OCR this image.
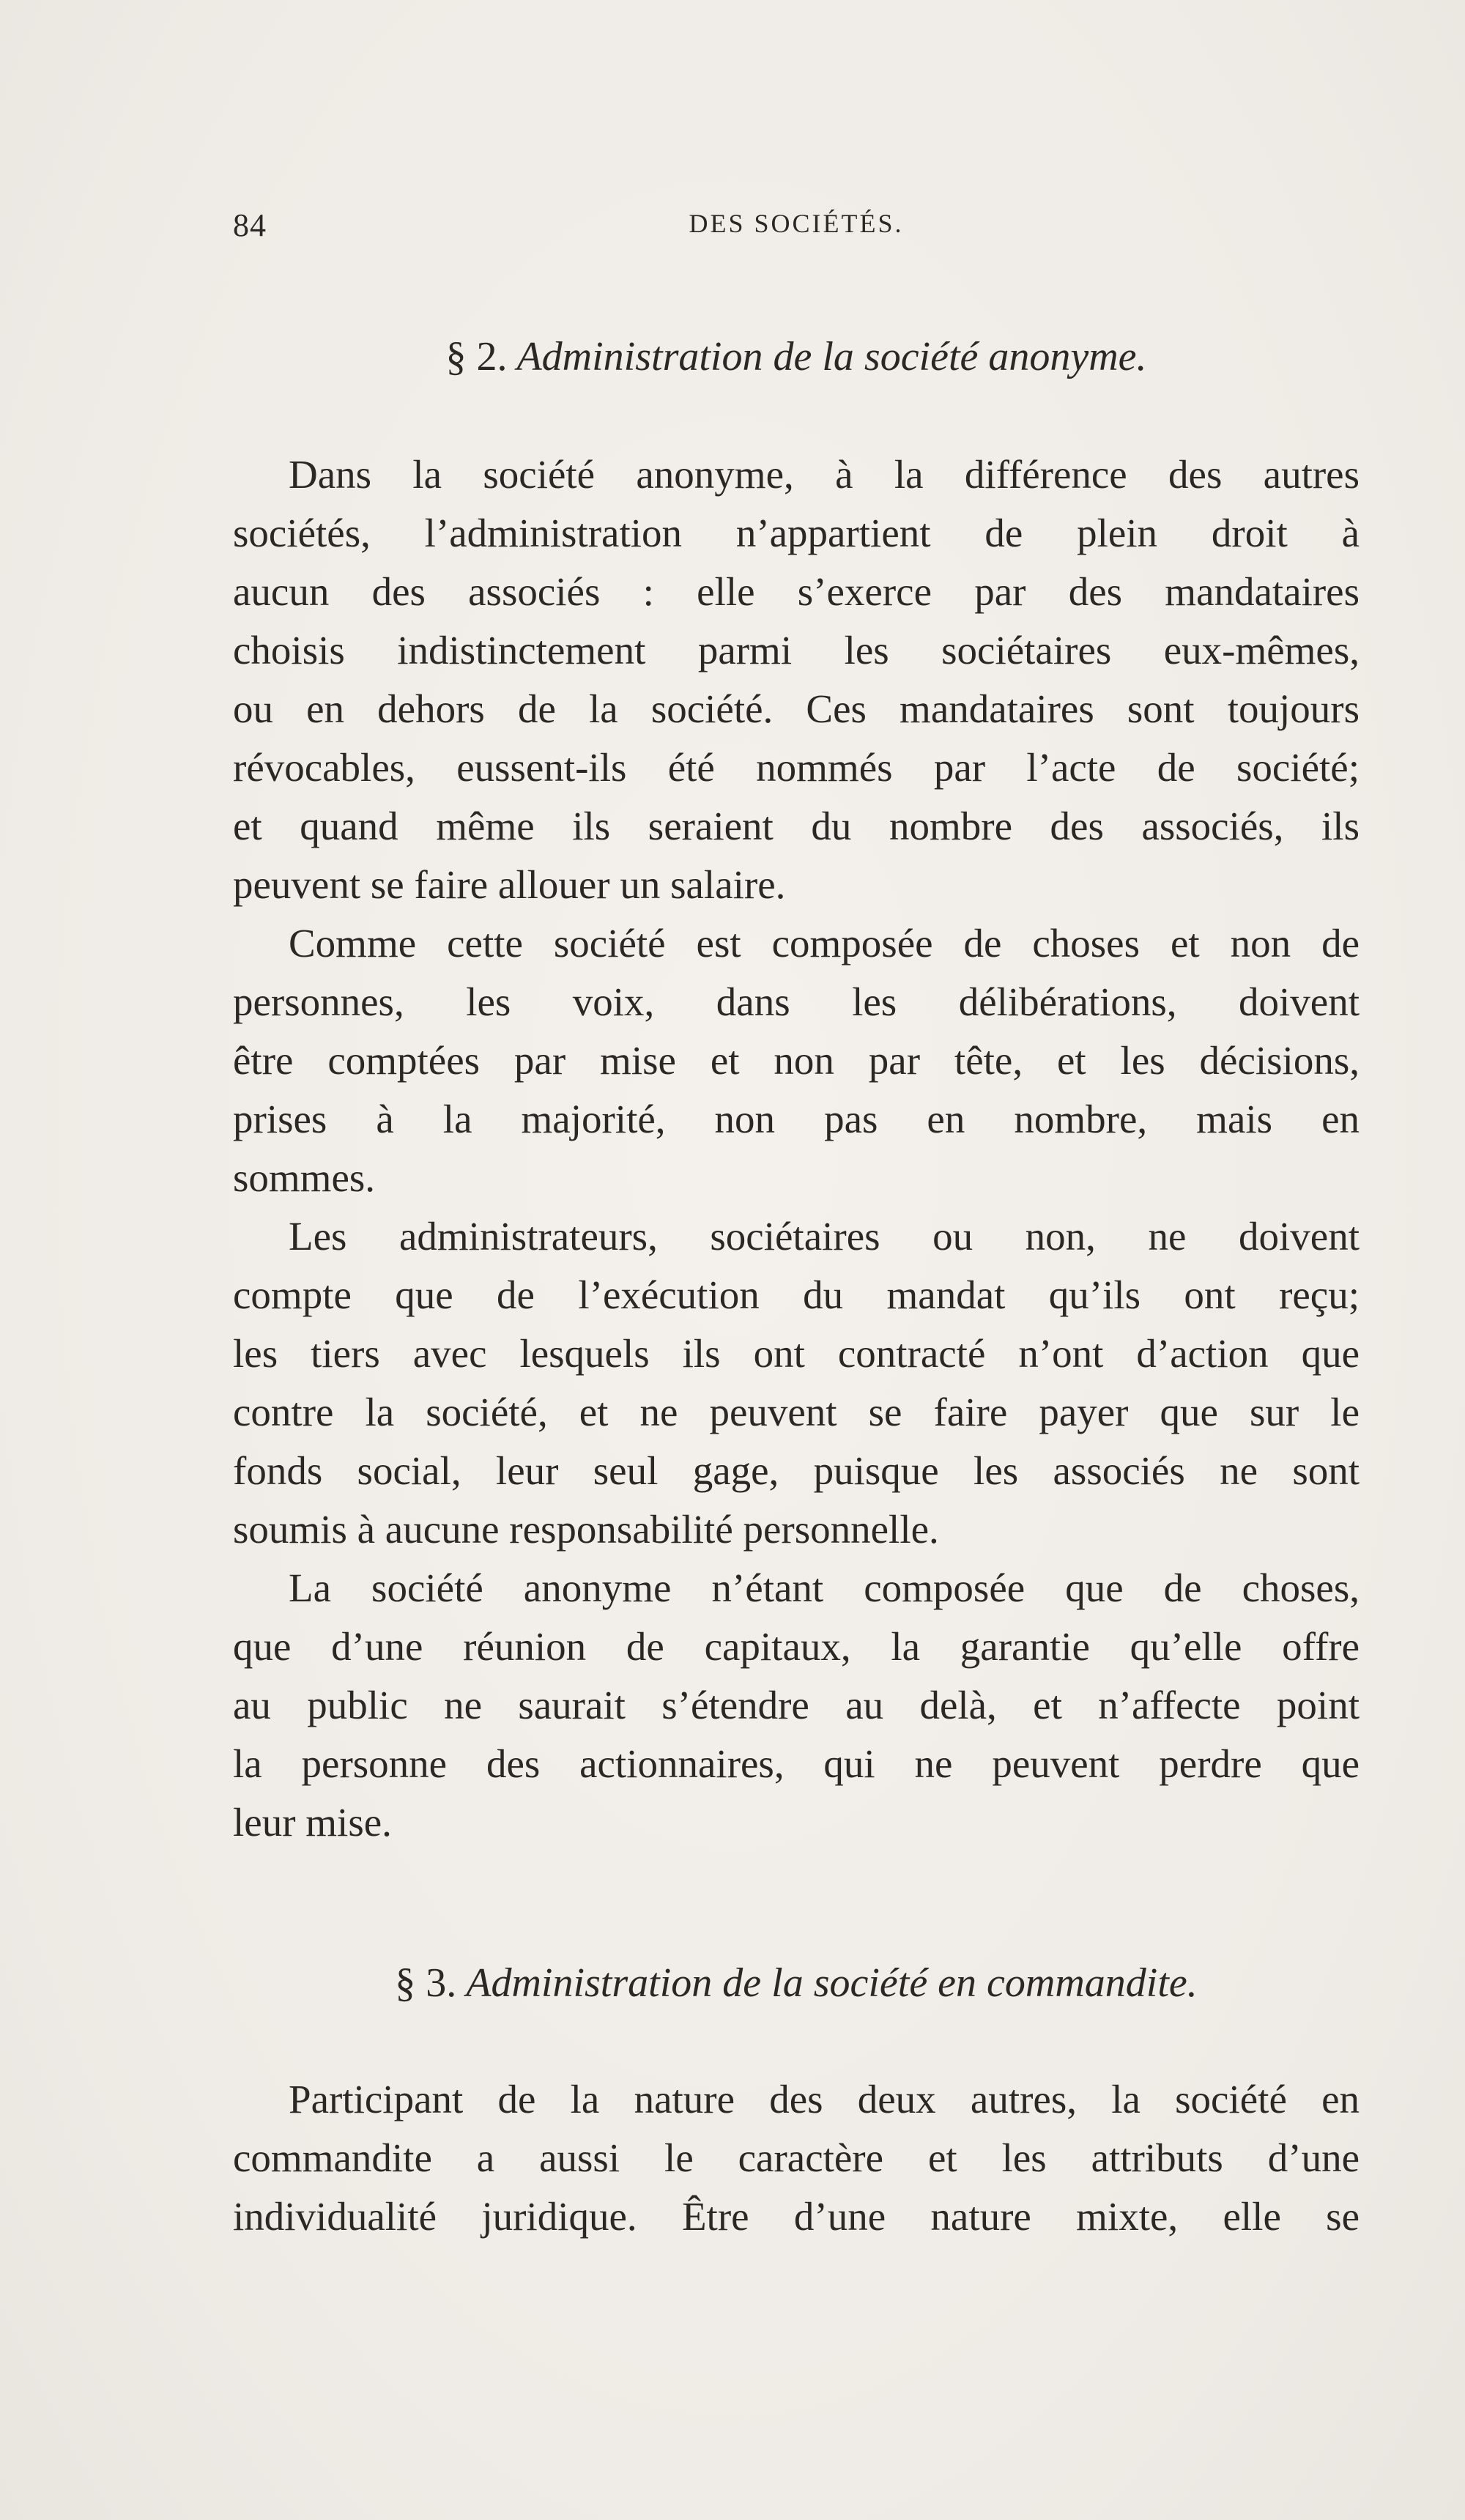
84	DES SOCIÉTÉS.
§ 2. Administration de la société anonyme.
Dans la société anonyme, à la différence des autres
sociétés, l’administration n’appartient de plein droit à
aucun des associés : elle s’exerce par des mandataires
choisis indistinctement parmi les sociétaires eux-mêmes,
ou en dehors de la société. Ces mandataires sont toujours
révocables, eussent-ils été nommés par l’acte de société;
et quand même ils seraient du nombre des associés, ils
peuvent se faire allouer un salaire.
Comme cette société est composée de choses et non de
personnes, les voix, dans les délibérations, doivent
être comptées par mise et non par tête, et les décisions,
prises à la majorité, non pas en nombre, mais en
sommes.
Les administrateurs, sociétaires ou non, ne doivent
compte que de l’exécution du mandat qu’ils ont reçu;
les tiers avec lesquels ils ont contracté n’ont d’action que
contre la société, et ne peuvent se faire payer que sur le
fonds social, leur seul gage, puisque les associés ne sont
soumis à aucune responsabilité personnelle.
La société anonyme n’étant composée que de choses,
que d’une réunion de capitaux, la garantie qu’elle offre
au public ne saurait s’étendre au delà, et n’affecte point
la personne des actionnaires, qui ne peuvent perdre que
leur mise.
§ 3. Administration de la société en commandite.
Participant de la nature des deux autres, la société en
commandite a aussi le caractère et les attributs d’une
individualité juridique. Être d’une nature mixte, elle se
